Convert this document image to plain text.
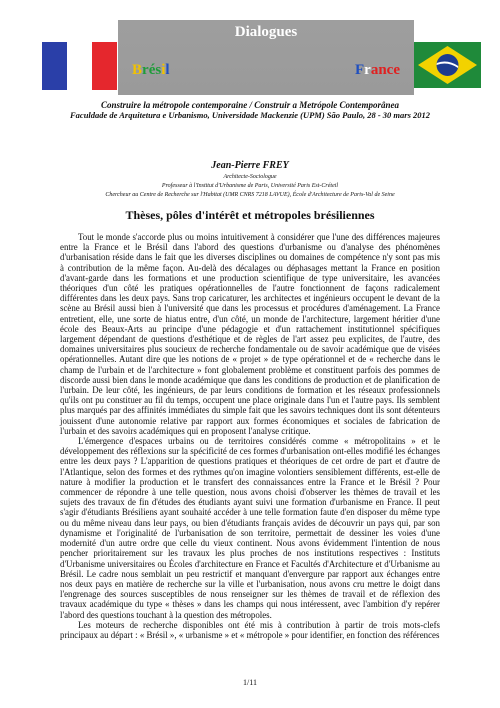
Dialogues
Brésil	France
Construire la métropole contemporaine / Construir a Metrópole Contemporânea
Faculdade de Arquitetura e Urbanismo, Universidade Mackenzie (UPM) São Paulo, 28 - 30 mars 2012
Jean-Pierre FREY
Architecte-Sociologue
Professeur à l'Institut d'Urbanisme de Paris, Université Paris Est-Créteil
Chercheur au Centre de Recherche sur l'Habitat (UMR CNRS 7218 LAVUE), École d'Architecture de Paris-Val de Seine
Thèses, pôles d'intérêt et métropoles brésiliennes

Tout le monde s'accorde plus ou moins intuitivement à considérer que l'une des différences majeures entre la France et le Brésil dans l'abord des questions d'urbanisme ou d'analyse des phénomènes d'urbanisation réside dans le fait que les diverses disciplines ou domaines de compétence n'y sont pas mis à contribution de la même façon. Au-delà des décalages ou déphasages mettant la France en position d'avant-garde dans les formations et une production scientifique de type universitaire, les avancées théoriques d'un côté les pratiques opérationnelles de l'autre fonctionnent de façons radicalement différentes dans les deux pays. Sans trop caricaturer, les architectes et ingénieurs occupent le devant de la scène au Brésil aussi bien à l'université que dans les processus et procédures d'aménagement. La France entretient, elle, une sorte de hiatus entre, d'un côté, un monde de l'architecture, largement héritier d'une école des Beaux-Arts au principe d'une pédagogie et d'un rattachement institutionnel spécifiques largement dépendant de questions d'esthétique et de règles de l'art assez peu explicites, de l'autre, des domaines universitaires plus soucieux de recherche fondamentale ou de savoir académique que de visées opérationnelles. Autant dire que les notions de « projet » de type opérationnel et de « recherche dans le champ de l'urbain et de l'architecture » font globalement problème et constituent parfois des pommes de discorde aussi bien dans le monde académique que dans les conditions de production et de planification de l'urbain. De leur côté, les ingénieurs, de par leurs conditions de formation et les réseaux professionnels qu'ils ont pu constituer au fil du temps, occupent une place originale dans l'un et l'autre pays. Ils semblent plus marqués par des affinités immédiates du simple fait que les savoirs techniques dont ils sont détenteurs jouissent d'une autonomie relative par rapport aux formes économiques et sociales de fabrication de l'urbain et des savoirs académiques qui en proposent l'analyse critique.

L'émergence d'espaces urbains ou de territoires considérés comme « métropolitains » et le développement des réflexions sur la spécificité de ces formes d'urbanisation ont-elles modifié les échanges entre les deux pays ? L'apparition de questions pratiques et théoriques de cet ordre de part et d'autre de l'Atlantique, selon des formes et des rythmes qu'on imagine volontiers sensiblement différents, est-elle de nature à modifier la production et le transfert des connaissances entre la France et le Brésil ? Pour commencer de répondre à une telle question, nous avons choisi d'observer les thèmes de travail et les sujets des travaux de fin d'études des étudiants ayant suivi une formation d'urbanisme en France. Il peut s'agir d'étudiants Brésiliens ayant souhaité accéder à une telle formation faute d'en disposer du même type ou du même niveau dans leur pays, ou bien d'étudiants français avides de découvrir un pays qui, par son dynamisme et l'originalité de l'urbanisation de son territoire, permettait de dessiner les voies d'une modernité d'un autre ordre que celle du vieux continent. Nous avons évidemment l'intention de nous pencher prioritairement sur les travaux les plus proches de nos institutions respectives : Instituts d'Urbanisme universitaires ou Écoles d'architecture en France et Facultés d'Architecture et d'Urbanisme au Brésil. Le cadre nous semblait un peu restrictif et manquant d'envergure par rapport aux échanges entre nos deux pays en matière de recherche sur la ville et l'urbanisation, nous avons cru mettre le doigt dans l'engrenage des sources susceptibles de nous renseigner sur les thèmes de travail et de réflexion des travaux académique du type « thèses » dans les champs qui nous intéressent, avec l'ambition d'y repérer l'abord des questions touchant à la question des métropoles.

Les moteurs de recherche disponibles ont été mis à contribution à partir de trois mots-clefs principaux au départ : « Brésil », « urbanisme » et « métropole » pour identifier, en fonction des références

1/11
